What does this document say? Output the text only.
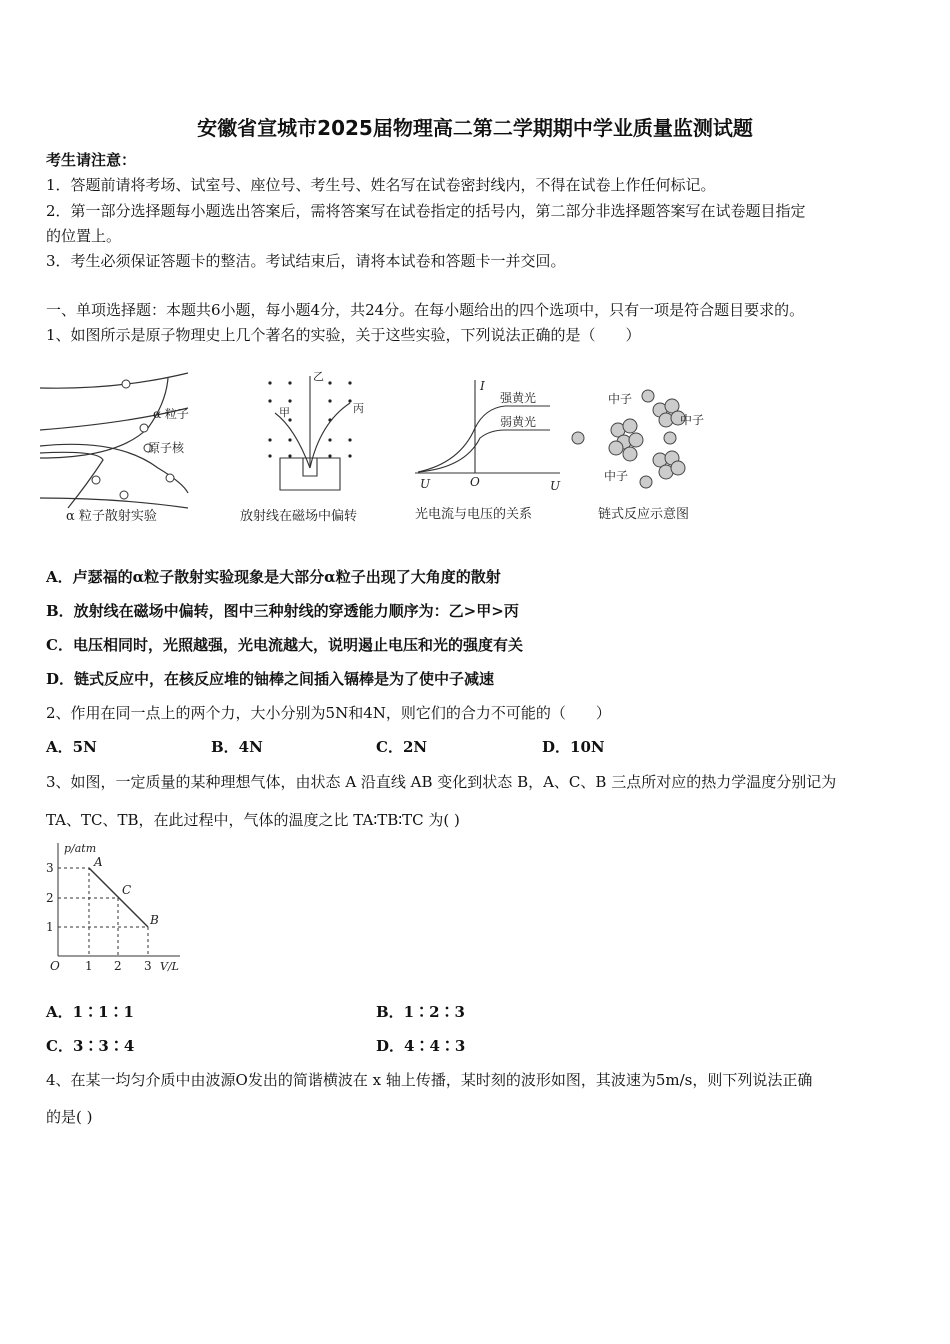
安徽省宣城市2025届物理高二第二学期期中学业质量监测试题
考生请注意：
1．答题前请将考场、试室号、座位号、考生号、姓名写在试卷密封线内，不得在试卷上作任何标记。
2．第一部分选择题每小题选出答案后，需将答案写在试卷指定的括号内，第二部分非选择题答案写在试卷题目指定
的位置上。
3．考生必须保证答题卡的整洁。考试结束后，请将本试卷和答题卡一并交回。
一、单项选择题：本题共6小题，每小题4分，共24分。在每小题给出的四个选项中，只有一项是符合题目要求的。
1、如图所示是原子物理史上几个著名的实验，关于这些实验，下列说法正确的是（　　）
α 粒子
原子核
α 粒子散射实验
甲
乙
丙
放射线在磁场中偏转
I
强黄光
弱黄光
U	O	U
光电流与电压的关系
中子
中子
中子
链式反应示意图
A．卢瑟福的α粒子散射实验现象是大部分α粒子出现了大角度的散射
B．放射线在磁场中偏转，图中三种射线的穿透能力顺序为：乙>甲>丙
C．电压相同时，光照越强，光电流越大，说明遏止电压和光的强度有关
D．链式反应中，在核反应堆的铀棒之间插入镉棒是为了使中子减速
2、作用在同一点上的两个力，大小分别为5N和4N，则它们的合力不可能的（　　）
A．5N	B．4N	C．2N	D．10N
3、如图，一定质量的某种理想气体，由状态 A 沿直线 AB 变化到状态 B，A、C、B 三点所对应的热力学温度分别记为
TA、TC、TB，在此过程中，气体的温度之比 TA∶TB∶TC 为( )
p/atm
3
2
1
O 1 2 3 V/L
A
C
B
A．1∶1∶1	B．1∶2∶3
C．3∶3∶4	D．4∶4∶3
4、在某一均匀介质中由波源O发出的简谐横波在 x 轴上传播，某时刻的波形如图，其波速为5m/s，则下列说法正确
的是( )
